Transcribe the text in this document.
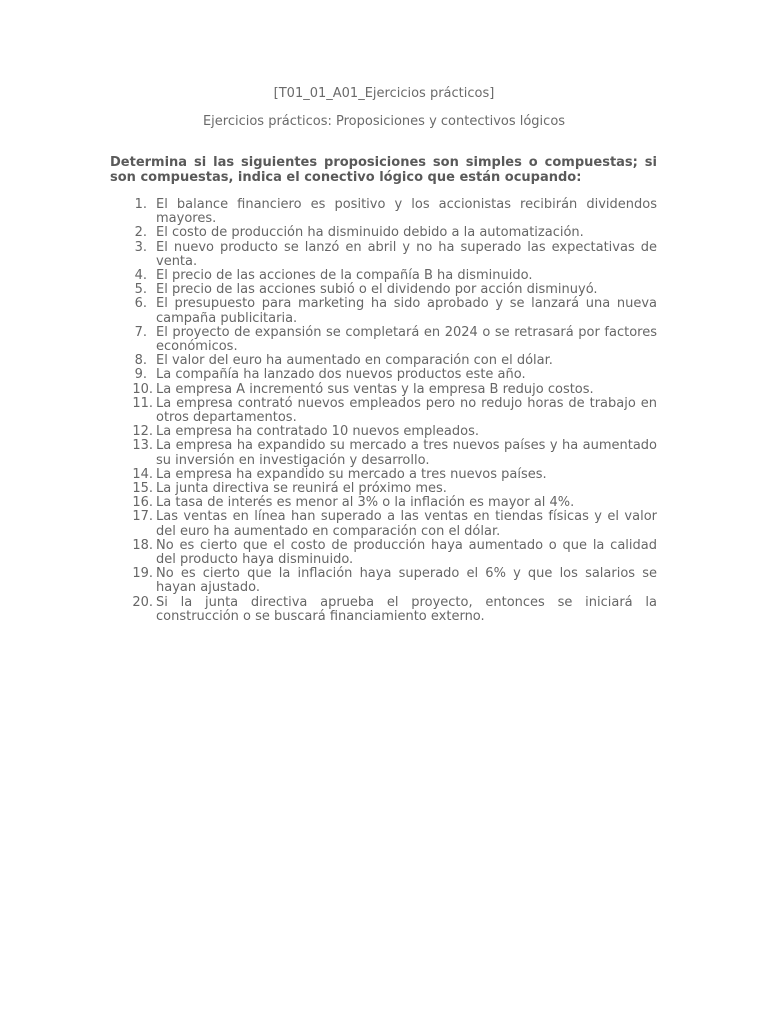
[T01_01_A01_Ejercicios prácticos]
Ejercicios prácticos: Proposiciones y contectivos lógicos
Determina si las siguientes proposiciones son simples o compuestas; si son compuestas, indica el conectivo lógico que están ocupando:
1. El balance financiero es positivo y los accionistas recibirán dividendos mayores.
2. El costo de producción ha disminuido debido a la automatización.
3. El nuevo producto se lanzó en abril y no ha superado las expectativas de venta.
4. El precio de las acciones de la compañía B ha disminuido.
5. El precio de las acciones subió o el dividendo por acción disminuyó.
6. El presupuesto para marketing ha sido aprobado y se lanzará una nueva campaña publicitaria.
7. El proyecto de expansión se completará en 2024 o se retrasará por factores económicos.
8. El valor del euro ha aumentado en comparación con el dólar.
9. La compañía ha lanzado dos nuevos productos este año.
10. La empresa A incrementó sus ventas y la empresa B redujo costos.
11. La empresa contrató nuevos empleados pero no redujo horas de trabajo en otros departamentos.
12. La empresa ha contratado 10 nuevos empleados.
13. La empresa ha expandido su mercado a tres nuevos países y ha aumentado su inversión en investigación y desarrollo.
14. La empresa ha expandido su mercado a tres nuevos países.
15. La junta directiva se reunirá el próximo mes.
16. La tasa de interés es menor al 3% o la inflación es mayor al 4%.
17. Las ventas en línea han superado a las ventas en tiendas físicas y el valor del euro ha aumentado en comparación con el dólar.
18. No es cierto que el costo de producción haya aumentado o que la calidad del producto haya disminuido.
19. No es cierto que la inflación haya superado el 6% y que los salarios se hayan ajustado.
20. Si la junta directiva aprueba el proyecto, entonces se iniciará la construcción o se buscará financiamiento externo.
